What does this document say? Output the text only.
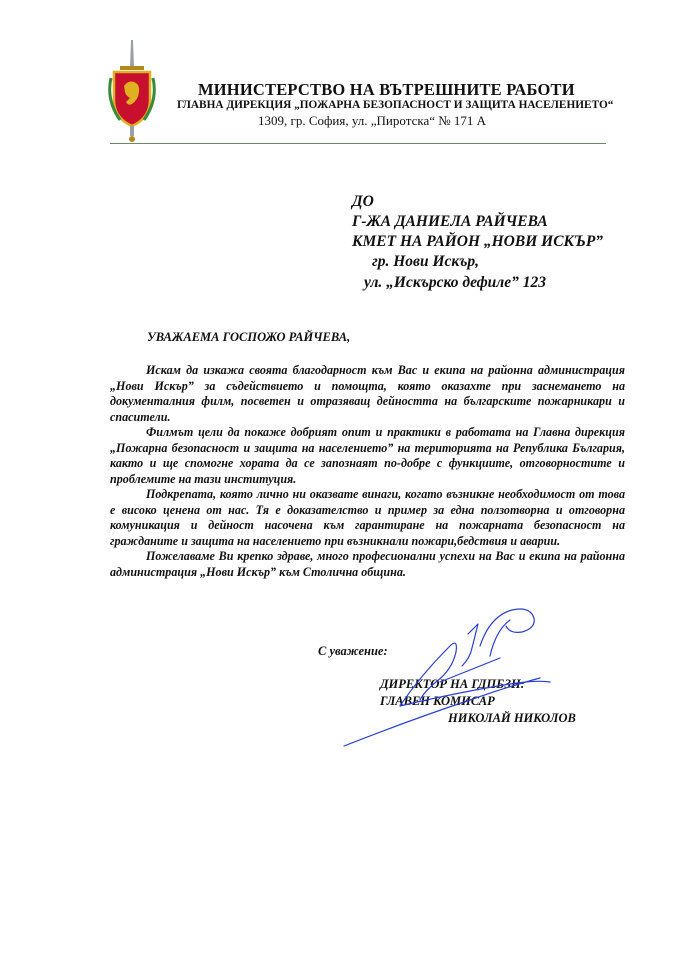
МИНИСТЕРСТВО НА ВЪТРЕШНИТЕ РАБОТИ
ГЛАВНА ДИРЕКЦИЯ „ПОЖАРНА БЕЗОПАСНОСТ И ЗАЩИТА НАСЕЛЕНИЕТО“
1309, гр. София, ул. „Пиротска“ № 171 А
ДО
Г-ЖА ДАНИЕЛА РАЙЧЕВА
КМЕТ НА РАЙОН „НОВИ ИСКЪР”
гр. Нови Искър,
ул. „Искърско дефиле” 123
УВАЖАЕМА ГОСПОЖО РАЙЧЕВА,

Искам да изкажа своята благодарност към Вас и екипа на районна администрация „Нови Искър” за съдействието и помощта, която оказахте при заснемането на документалния филм, посветен и отразяващ дейността на българските пожарникари и спасители.

Филмът цели да покаже добрият опит и практики в работата на Главна дирекция „Пожарна безопасност и защита на населението” на територията на Република България, както и ще спомогне хората да се запознаят по-добре с функциите, отговорностите и проблемите на тази институция.

Подкрепата, която лично ни оказвате винаги, когато възникне необходимост от това е високо ценена от нас. Тя е доказателство и пример за една ползотворна и отговорна комуникация и дейност насочена към гарантиране на пожарната безопасност на гражданите и защита на населението при възникнали пожари,бедствия и аварии.

Пожелаваме Ви крепко здраве, много професионални успехи на Вас и екипа на районна администрация „Нови Искър” към Столична община.

С уважение:
ДИРЕКТОР НА ГДПБЗН:
ГЛАВЕН КОМИСАР
НИКОЛАЙ НИКОЛОВ
